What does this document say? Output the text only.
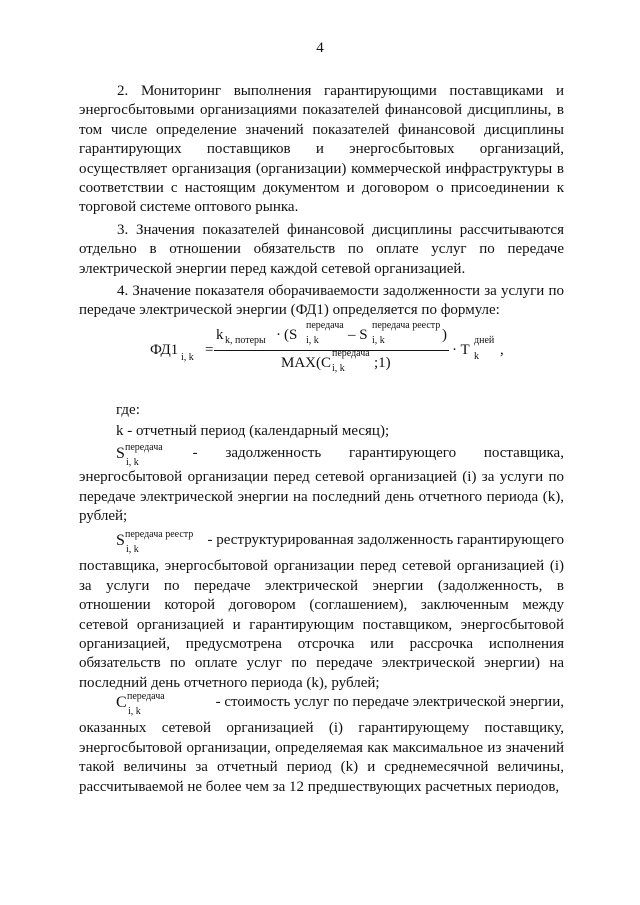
4

2. Мониторинг выполнения гарантирующими поставщиками и энергосбытовыми организациями показателей финансовой дисциплины, в том числе определение значений показателей финансовой дисциплины гарантирующих поставщиков и энергосбытовых организаций, осуществляет организация (организации) коммерческой инфраструктуры в соответствии с настоящим документом и договором о присоединении к торговой системе оптового рынка.

3. Значения показателей финансовой дисциплины рассчитываются отдельно в отношении обязательств по оплате услуг по передаче электрической энергии перед каждой сетевой организацией.

4. Значение показателя оборачиваемости задолженности за услуги по передаче электрической энергии (ФД1) определяется по формуле:

ФД1 i, k =
k k, потеры · (S
передача
i, k – S
передача реестр
i, k	)
MAX(C
передача
i, k ;1)
· T
дней
k ,
где:
k - отчетный период (календарный месяц);
S передача
i, k
- задолженность гарантирующего поставщика,

энергосбытовой организации перед сетевой организацией (i) за услуги по передаче электрической энергии на последний день отчетного периода (k), рублей;

S передача реестр
i, k
- реструктурированная задолженность гарантирующего

поставщика, энергосбытовой организации перед сетевой организацией (i) за услуги по передаче электрической энергии (задолженность, в отношении которой договором (соглашением), заключенным между сетевой организацией и гарантирующим поставщиком, энергосбытовой организацией, предусмотрена отсрочка или рассрочка исполнения обязательств по оплате услуг по передаче электрической энергии) на последний день отчетного периода (k), рублей;

C передача
i, k
- стоимость услуг по передаче электрической энергии,

оказанных сетевой организацией (i) гарантирующему поставщику, энергосбытовой организации, определяемая как максимальное из значений такой величины за отчетный период (k) и среднемесячной величины, рассчитываемой не более чем за 12 предшествующих расчетных периодов,
